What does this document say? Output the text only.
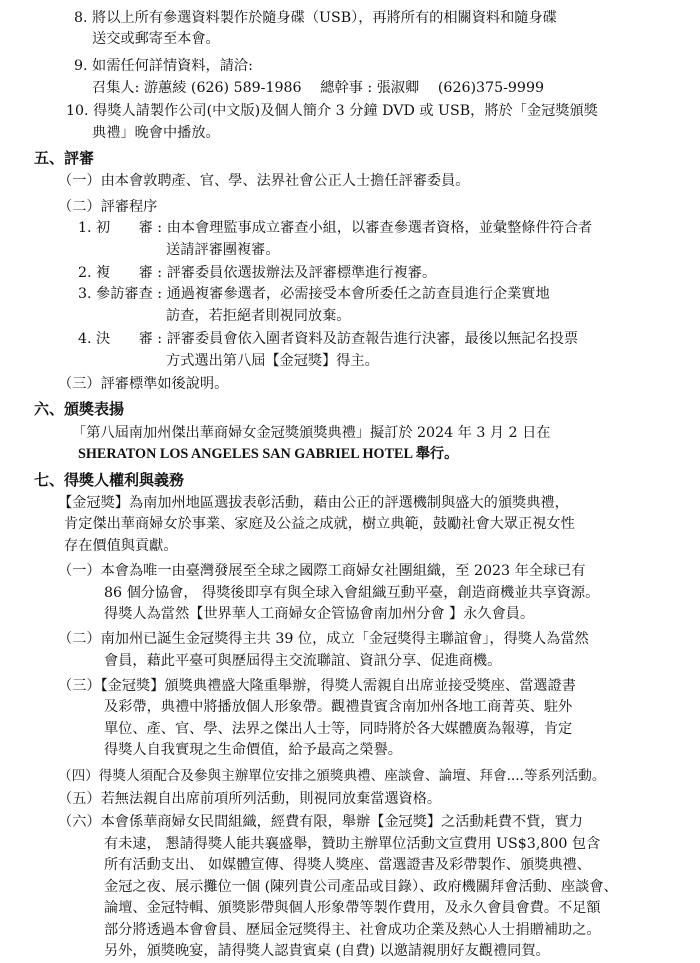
8. 將以上所有參選資料製作於隨身碟（USB），再將所有的相關資料和隨身碟
送交或郵寄至本會。
9. 如需任何詳情資料，請洽:
召集人: 游蕙綾 (626) 589-1986　 總幹事 : 張淑卿　 (626)375-9999
10. 得獎人請製作公司(中文版)及個人簡介 3 分鐘 DVD 或 USB，將於「金冠獎頒獎
典禮」晚會中播放。
五、評審
（一）由本會敦聘產、官、學、法界社會公正人士擔任評審委員。
（二）評審程序
1. 初　　審 : 由本會理監事成立審查小組，以審查參選者資格，並彙整條件符合者
送請評審團複審。
2. 複　　審 : 評審委員依選拔辦法及評審標準進行複審。
3. 參訪審查 : 通過複審參選者，必需接受本會所委任之訪查員進行企業實地
訪查，若拒絕者則視同放棄。
4. 決　　審 : 評審委員會依入圍者資料及訪查報告進行決審，最後以無記名投票
方式選出第八屆【金冠獎】得主。
（三）評審標準如後說明。
六、頒獎表揚
「第八屆南加州傑出華商婦女金冠獎頒獎典禮」擬訂於 2024 年 3 月 2 日在
SHERATON LOS ANGELES SAN GABRIEL HOTEL 舉行。
七、得獎人權利與義務
【金冠獎】為南加州地區選拔表彰活動，藉由公正的評選機制與盛大的頒獎典禮，
肯定傑出華商婦女於事業、家庭及公益之成就，樹立典範，鼓勵社會大眾正視女性
存在價值與貢獻。
（一）本會為唯一由臺灣發展至全球之國際工商婦女社團組織，至 2023 年全球已有
86 個分協會， 得獎後即享有與全球入會組織互動平臺，創造商機並共享資源。
得獎人為當然【世界華人工商婦女企管協會南加州分會 】永久會員。
（二）南加州已誕生金冠獎得主共 39 位，成立「金冠獎得主聯誼會」，得獎人為當然
會員，藉此平臺可與歷屆得主交流聯誼、資訊分享、促進商機。
（三）【金冠獎】頒獎典禮盛大隆重舉辦，得獎人需親自出席並接受獎座、當選證書
及彩帶，典禮中將播放個人形象帶。觀禮貴賓含南加州各地工商菁英、駐外
單位、產、官、學、法界之傑出人士等，同時將於各大媒體廣為報導，肯定
得獎人自我實現之生命價值，給予最高之榮譽。
（四）得獎人須配合及參與主辦單位安排之頒獎典禮、座談會、論壇、拜會....等系列活動。
（五）若無法親自出席前項所列活動，則視同放棄當選資格。
（六）本會係華商婦女民間組織，經費有限，舉辦【金冠獎】之活動耗費不貲，實力
有未逮， 懇請得獎人能共襄盛舉，贊助主辦單位活動文宣費用 US$3,800 包含
所有活動支出、 如媒體宣傳、得獎人獎座、當選證書及彩帶製作、頒獎典禮、
金冠之夜、展示攤位一個 (陳列貴公司產品或目錄）、政府機關拜會活動、座談會、
論壇、金冠特輯、頒獎影帶與個人形象帶等製作費用，及永久會員會費。不足額
部分將透過本會會員、歷屆金冠獎得主、社會成功企業及熱心人士捐贈補助之。
另外，頒獎晚宴，請得獎人認貴賓桌 (自費) 以邀請親朋好友觀禮同賀。
